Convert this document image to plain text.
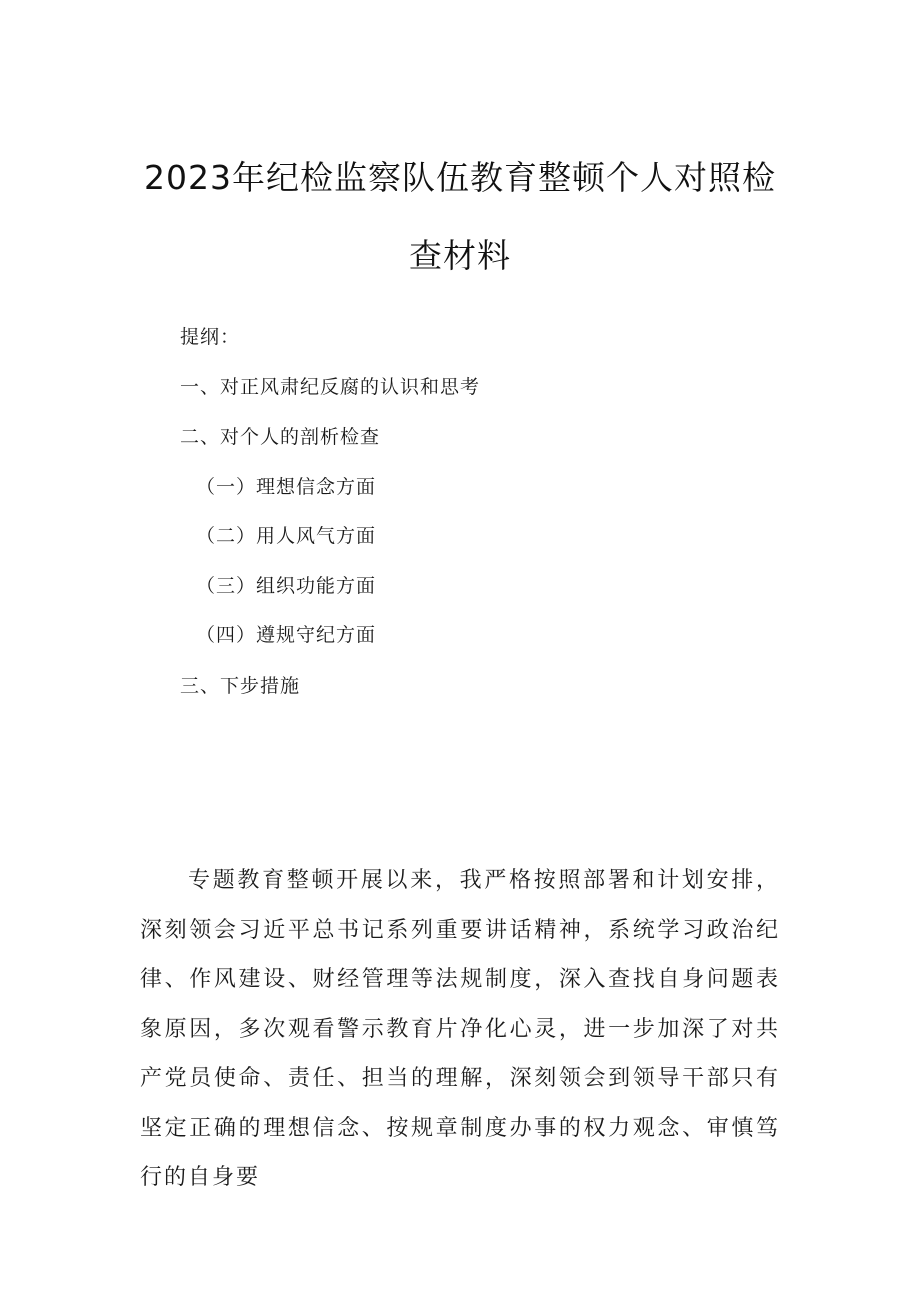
2023年纪检监察队伍教育整顿个人对照检
查材料
提纲：
一、对正风肃纪反腐的认识和思考
二、对个人的剖析检查
（一）理想信念方面
（二）用人风气方面
（三）组织功能方面
（四）遵规守纪方面
三、下步措施

专题教育整顿开展以来，我严格按照部署和计划安排，深刻领会习近平总书记系列重要讲话精神，系统学习政治纪律、作风建设、财经管理等法规制度，深入查找自身问题表象原因，多次观看警示教育片净化心灵，进一步加深了对共产党员使命、责任、担当的理解，深刻领会到领导干部只有坚定正确的理想信念、按规章制度办事的权力观念、审慎笃行的自身要
